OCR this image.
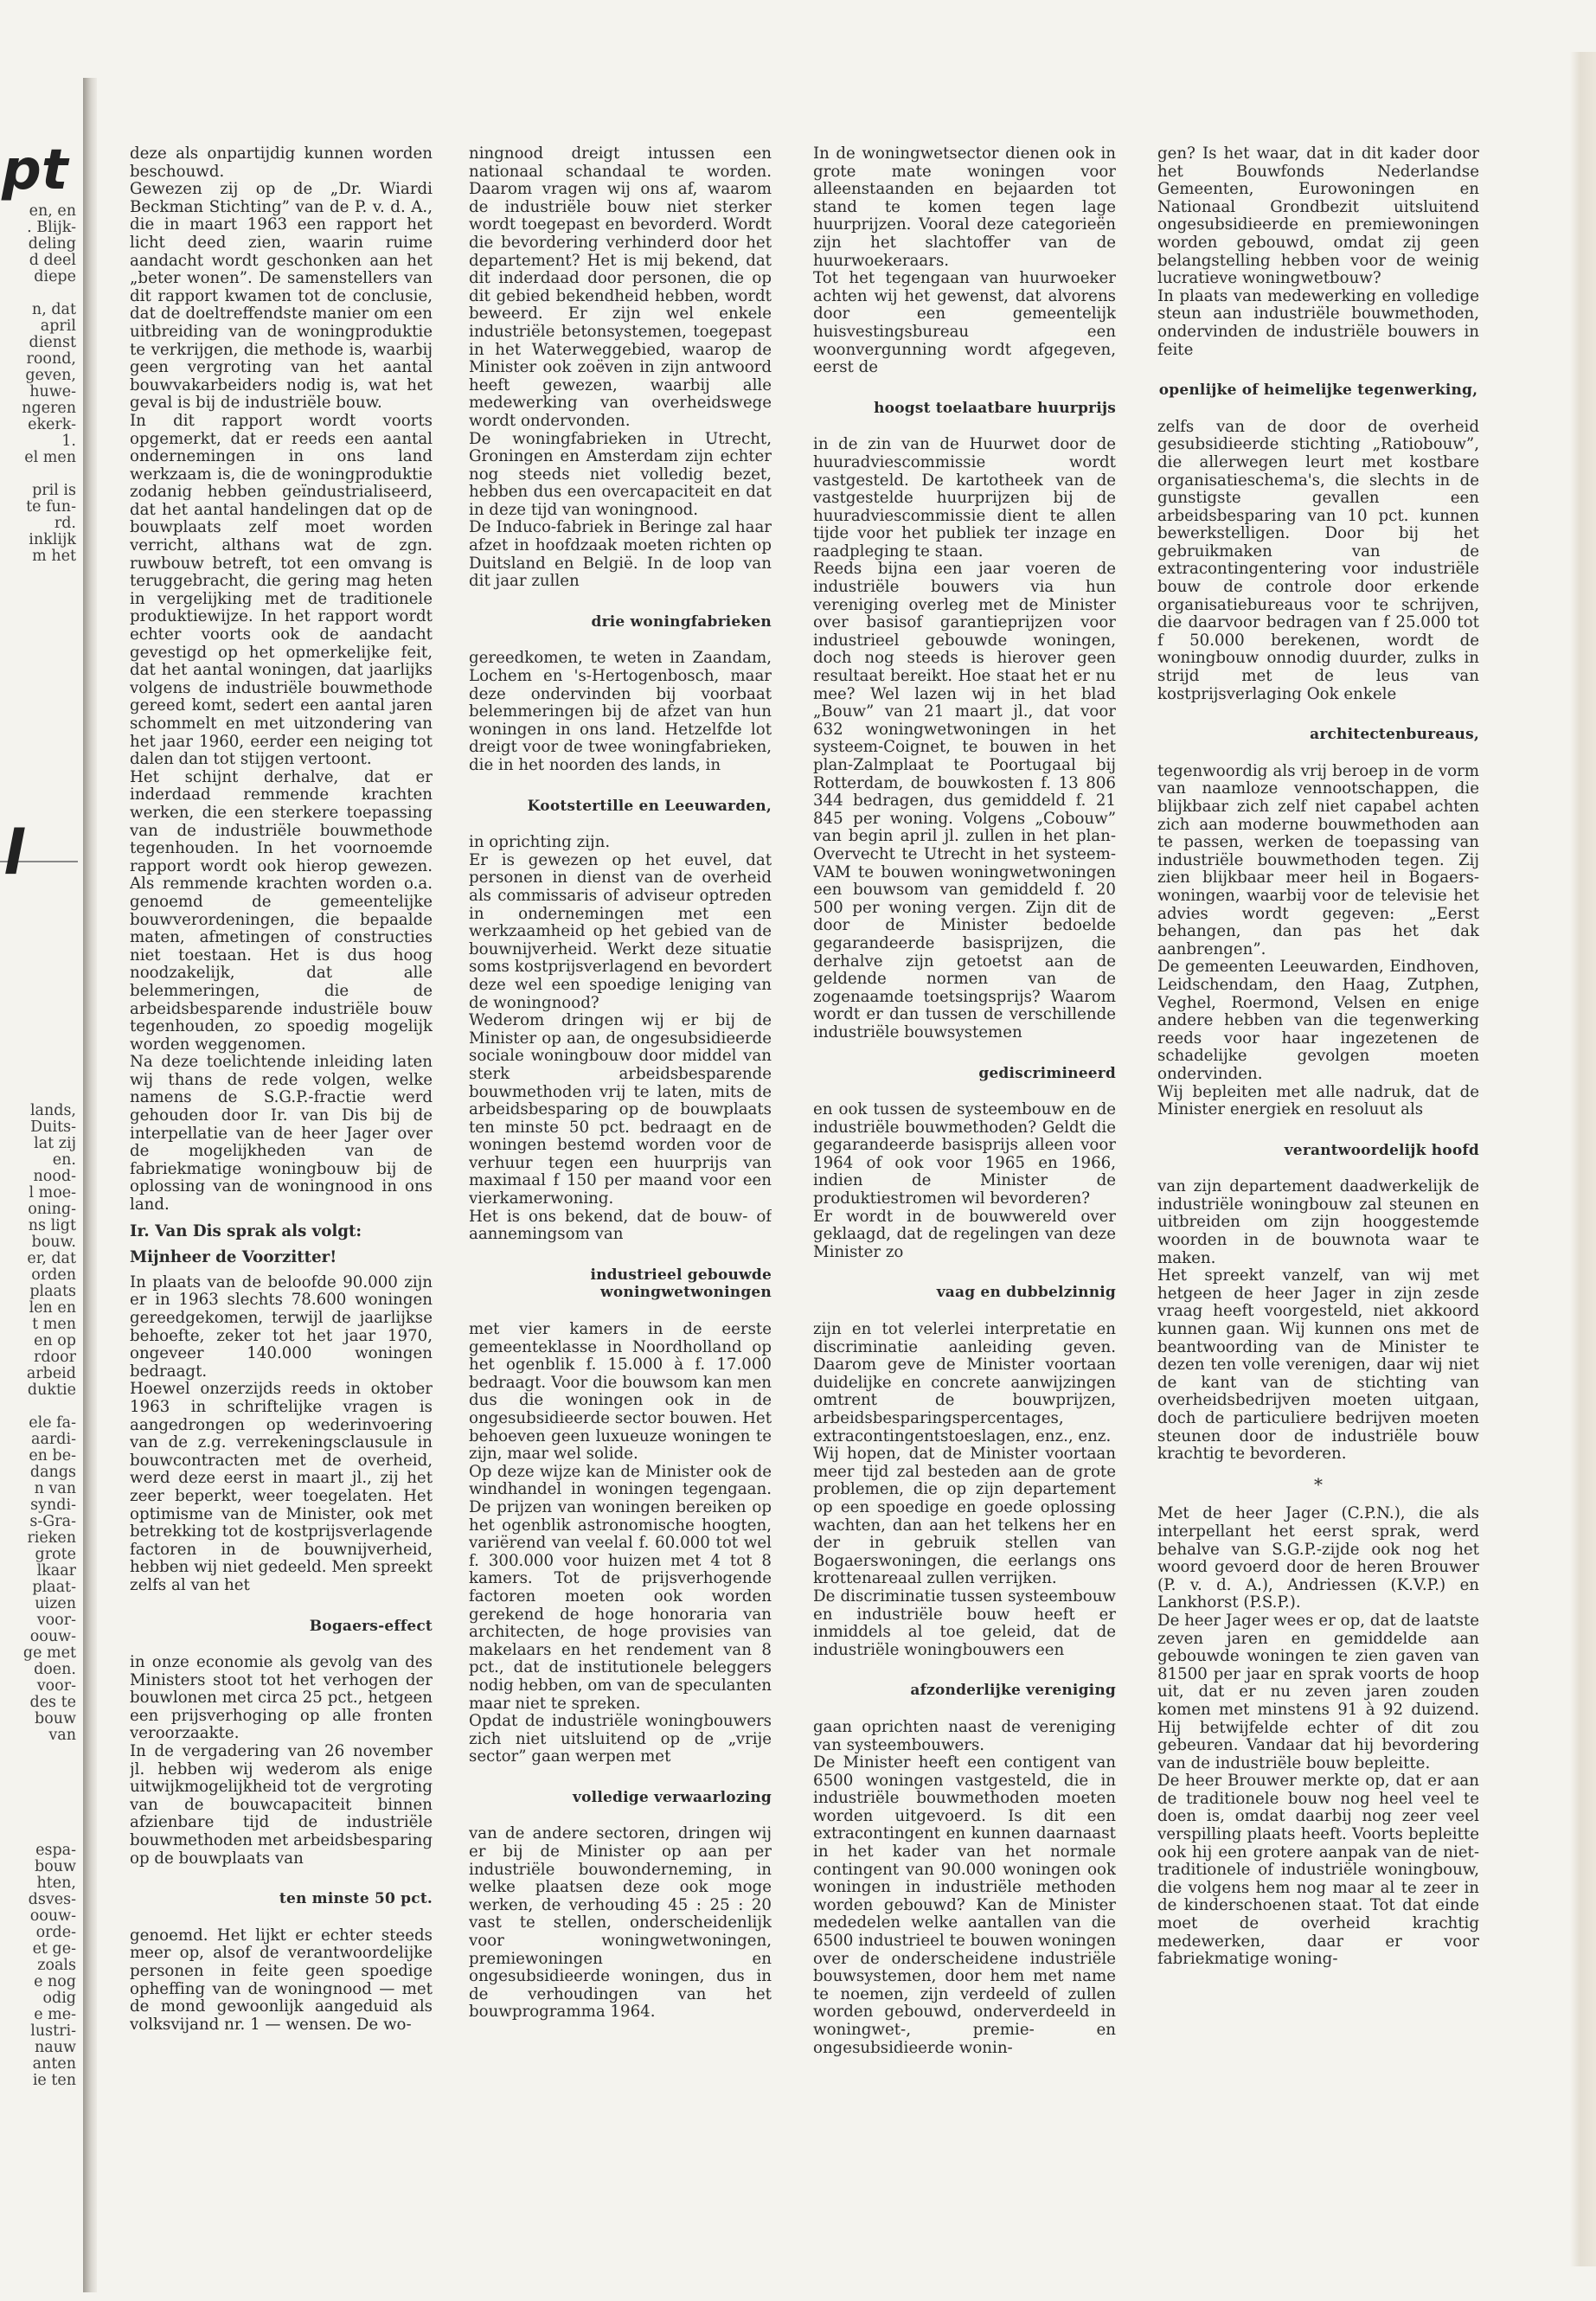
en, en
. Blijk-
deling
d deel
diepe

n, dat
april
dienst
roond,
geven,
huwe-
ngeren
ekerk-
1.
el men

pril is
te fun-
rd.
inklijk
m het
lands,
Duits-
lat zij
en.
nood-
l moe-
oning-
ns ligt
bouw.
er, dat
orden
plaats
len en
t men
en op
rdoor
arbeid
duktie

ele fa-
aardi-
en be-
dangs
n van
syndi-
s-Gra-
rieken
grote
lkaar
plaat-
uizen
voor-
oouw-
ge met
doen.
voor-
des te
bouw
van

espa-
bouw
hten,
dsves-
oouw-
orde-
et ge-
zoals
e nog
odig
e me-
lustri-
nauw
anten
ie ten
pt
l

deze als onpartijdig kunnen worden beschouwd.

Gewezen zij op de „Dr. Wiardi Beckman Stichting” van de P. v. d. A., die in maart 1963 een rapport het licht deed zien, waarin ruime aandacht wordt geschonken aan het „beter wonen”. De samenstellers van dit rapport kwamen tot de conclusie, dat de doeltreffendste manier om een uitbreiding van de woningproduktie te verkrijgen, die methode is, waarbij geen vergroting van het aantal bouwvakarbeiders nodig is, wat het geval is bij de industriële bouw.

In dit rapport wordt voorts opgemerkt, dat er reeds een aantal ondernemingen in ons land werkzaam is, die de woningproduktie zodanig hebben geïndustrialiseerd, dat het aantal handelingen dat op de bouwplaats zelf moet worden verricht, althans wat de zgn. ruwbouw betreft, tot een omvang is teruggebracht, die gering mag heten in vergelijking met de traditionele produktiewijze. In het rapport wordt echter voorts ook de aandacht gevestigd op het opmerkelijke feit, dat het aantal woningen, dat jaarlijks volgens de industriële bouwmethode gereed komt, sedert een aantal jaren schommelt en met uitzondering van het jaar 1960, eerder een neiging tot dalen dan tot stijgen vertoont.

Het schijnt derhalve, dat er inderdaad remmende krachten werken, die een sterkere toepassing van de industriële bouwmethode tegenhouden. In het voornoemde rapport wordt ook hierop gewezen. Als remmende krachten worden o.a. genoemd de gemeentelijke bouwverordeningen, die bepaalde maten, afmetingen of constructies niet toestaan. Het is dus hoog noodzakelijk, dat alle belemmeringen, die de arbeidsbesparende industriële bouw tegenhouden, zo spoedig mogelijk worden weggenomen.

Na deze toelichtende inleiding laten wij thans de rede volgen, welke namens de S.G.P.-fractie werd gehouden door Ir. van Dis bij de interpellatie van de heer Jager over de mogelijkheden van de fabriekmatige woningbouw bij de oplossing van de woningnood in ons land.

Ir. Van Dis sprak als volgt:

Mijnheer de Voorzitter!

In plaats van de beloofde 90.000 zijn er in 1963 slechts 78.600 woningen gereedgekomen, terwijl de jaarlijkse behoefte, zeker tot het jaar 1970, ongeveer 140.000 woningen bedraagt.

Hoewel onzerzijds reeds in oktober 1963 in schriftelijke vragen is aangedrongen op wederinvoering van de z.g. verrekeningsclausule in bouwcontracten met de overheid, werd deze eerst in maart jl., zij het zeer beperkt, weer toegelaten. Het optimisme van de Minister, ook met betrekking tot de kostprijsverlagende factoren in de bouwnijverheid, hebben wij niet gedeeld. Men spreekt zelfs al van het

Bogaers-effect

in onze economie als gevolg van des Ministers stoot tot het verhogen der bouwlonen met circa 25 pct., hetgeen een prijsverhoging op alle fronten veroorzaakte.

In de vergadering van 26 november jl. hebben wij wederom als enige uitwijkmogelijkheid tot de vergroting van de bouwcapaciteit binnen afzienbare tijd de industriële bouwmethoden met arbeidsbesparing op de bouwplaats van

ten minste 50 pct.

genoemd. Het lijkt er echter steeds meer op, alsof de verantwoordelijke personen in feite geen spoedige opheffing van de woningnood — met de mond gewoonlijk aangeduid als volksvijand nr. 1 — wensen. De wo-

ningnood dreigt intussen een nationaal schandaal te worden. Daarom vragen wij ons af, waarom de industriële bouw niet sterker wordt toegepast en bevorderd. Wordt die bevordering verhinderd door het departement? Het is mij bekend, dat dit inderdaad door personen, die op dit gebied bekendheid hebben, wordt beweerd. Er zijn wel enkele industriële betonsystemen, toegepast in het Waterweggebied, waarop de Minister ook zoëven in zijn antwoord heeft gewezen, waarbij alle medewerking van overheidswege wordt ondervonden.

De woningfabrieken in Utrecht, Groningen en Amsterdam zijn echter nog steeds niet volledig bezet, hebben dus een overcapaciteit en dat in deze tijd van woningnood.

De Induco-fabriek in Beringe zal haar afzet in hoofdzaak moeten richten op Duitsland en België. In de loop van dit jaar zullen

drie woningfabrieken

gereedkomen, te weten in Zaandam, Lochem en 's-Hertogenbosch, maar deze ondervinden bij voorbaat belemmeringen bij de afzet van hun woningen in ons land. Hetzelfde lot dreigt voor de twee woningfabrieken, die in het noorden des lands, in

Kootstertille en Leeuwarden,

in oprichting zijn.

Er is gewezen op het euvel, dat personen in dienst van de overheid als commissaris of adviseur optreden in ondernemingen met een werkzaamheid op het gebied van de bouwnijverheid. Werkt deze situatie soms kostprijsverlagend en bevordert deze wel een spoedige leniging van de woningnood?

Wederom dringen wij er bij de Minister op aan, de ongesubsidieerde sociale woningbouw door middel van sterk arbeidsbesparende bouwmethoden vrij te laten, mits de arbeidsbesparing op de bouwplaats ten minste 50 pct. bedraagt en de woningen bestemd worden voor de verhuur tegen een huurprijs van maximaal f 150 per maand voor een vierkamerwoning.

Het is ons bekend, dat de bouw- of aannemingsom van

industrieel gebouwde woningwetwoningen

met vier kamers in de eerste gemeenteklasse in Noordholland op het ogenblik f. 15.000 à f. 17.000 bedraagt. Voor die bouwsom kan men dus die woningen ook in de ongesubsidieerde sector bouwen. Het behoeven geen luxueuze woningen te zijn, maar wel solide.

Op deze wijze kan de Minister ook de windhandel in woningen tegengaan. De prijzen van woningen bereiken op het ogenblik astronomische hoogten, variërend van veelal f. 60.000 tot wel f. 300.000 voor huizen met 4 tot 8 kamers. Tot de prijsverhogende factoren moeten ook worden gerekend de hoge honoraria van architecten, de hoge provisies van makelaars en het rendement van 8 pct., dat de institutionele beleggers nodig hebben, om van de speculanten maar niet te spreken.

Opdat de industriële woningbouwers zich niet uitsluitend op de „vrije sector” gaan werpen met

volledige verwaarlozing

van de andere sectoren, dringen wij er bij de Minister op aan per industriële bouwonderneming, in welke plaatsen deze ook moge werken, de verhouding 45 : 25 : 20 vast te stellen, onderscheidenlijk voor woningwetwoningen, premiewoningen en ongesubsidieerde woningen, dus in de verhoudingen van het bouwprogramma 1964.

In de woningwetsector dienen ook in grote mate woningen voor alleenstaanden en bejaarden tot stand te komen tegen lage huurprijzen. Vooral deze categorieën zijn het slachtoffer van de huurwoekeraars.

Tot het tegengaan van huurwoeker achten wij het gewenst, dat alvorens door een gemeentelijk huisvestingsbureau een woonvergunning wordt afgegeven, eerst de

hoogst toelaatbare huurprijs

in de zin van de Huurwet door de huuradviescommissie wordt vastgesteld. De kartotheek van de vastgestelde huurprijzen bij de huuradviescommissie dient te allen tijde voor het publiek ter inzage en raadpleging te staan.

Reeds bijna een jaar voeren de industriële bouwers via hun vereniging overleg met de Minister over basisof garantieprijzen voor industrieel gebouwde woningen, doch nog steeds is hierover geen resultaat bereikt. Hoe staat het er nu mee? Wel lazen wij in het blad „Bouw” van 21 maart jl., dat voor 632 woningwetwoningen in het systeem-Coignet, te bouwen in het plan-Zalmplaat te Poortugaal bij Rotterdam, de bouwkosten f. 13 806 344 bedragen, dus gemiddeld f. 21 845 per woning. Volgens „Cobouw” van begin april jl. zullen in het plan-Overvecht te Utrecht in het systeem-VAM te bouwen woningwetwoningen een bouwsom van gemiddeld f. 20 500 per woning vergen. Zijn dit de door de Minister bedoelde gegarandeerde basisprijzen, die derhalve zijn getoetst aan de geldende normen van de zogenaamde toetsingsprijs? Waarom wordt er dan tussen de verschillende industriële bouwsystemen

gediscrimineerd

en ook tussen de systeembouw en de industriële bouwmethoden? Geldt die gegarandeerde basisprijs alleen voor 1964 of ook voor 1965 en 1966, indien de Minister de produktiestromen wil bevorderen?

Er wordt in de bouwwereld over geklaagd, dat de regelingen van deze Minister zo

vaag en dubbelzinnig

zijn en tot velerlei interpretatie en discriminatie aanleiding geven. Daarom geve de Minister voortaan duidelijke en concrete aanwijzingen omtrent de bouwprijzen, arbeidsbesparingspercentages, extracontingentstoeslagen, enz., enz.

Wij hopen, dat de Minister voortaan meer tijd zal besteden aan de grote problemen, die op zijn departement op een spoedige en goede oplossing wachten, dan aan het telkens her en der in gebruik stellen van Bogaerswoningen, die eerlangs ons krottenareaal zullen verrijken.

De discriminatie tussen systeembouw en industriële bouw heeft er inmiddels al toe geleid, dat de industriële woningbouwers een

afzonderlijke vereniging

gaan oprichten naast de vereniging van systeembouwers.

De Minister heeft een contigent van 6500 woningen vastgesteld, die in industriële bouwmethoden moeten worden uitgevoerd. Is dit een extracontingent en kunnen daarnaast in het kader van het normale contingent van 90.000 woningen ook woningen in industriële methoden worden gebouwd? Kan de Minister mededelen welke aantallen van die 6500 industrieel te bouwen woningen over de onderscheidene industriële bouwsystemen, door hem met name te noemen, zijn verdeeld of zullen worden gebouwd, onderverdeeld in woningwet-, premie- en ongesubsidieerde wonin-

gen? Is het waar, dat in dit kader door het Bouwfonds Nederlandse Gemeenten, Eurowoningen en Nationaal Grondbezit uitsluitend ongesubsidieerde en premiewoningen worden gebouwd, omdat zij geen belangstelling hebben voor de weinig lucratieve woningwetbouw?

In plaats van medewerking en volledige steun aan industriële bouwmethoden, ondervinden de industriële bouwers in feite

openlijke of heimelijke tegenwerking,

zelfs van de door de overheid gesubsidieerde stichting „Ratiobouw”, die allerwegen leurt met kostbare organisatieschema's, die slechts in de gunstigste gevallen een arbeidsbesparing van 10 pct. kunnen bewerkstelligen. Door bij het gebruikmaken van de extracontingentering voor industriële bouw de controle door erkende organisatiebureaus voor te schrijven, die daarvoor bedragen van f 25.000 tot f 50.000 berekenen, wordt de woningbouw onnodig duurder, zulks in strijd met de leus van kostprijsverlaging Ook enkele

architectenbureaus,

tegenwoordig als vrij beroep in de vorm van naamloze vennootschappen, die blijkbaar zich zelf niet capabel achten zich aan moderne bouwmethoden aan te passen, werken de toepassing van industriële bouwmethoden tegen. Zij zien blijkbaar meer heil in Bogaers-woningen, waarbij voor de televisie het advies wordt gegeven: „Eerst behangen, dan pas het dak aanbrengen”.

De gemeenten Leeuwarden, Eindhoven, Leidschendam, den Haag, Zutphen, Veghel, Roermond, Velsen en enige andere hebben van die tegenwerking reeds voor haar ingezetenen de schadelijke gevolgen moeten ondervinden.

Wij bepleiten met alle nadruk, dat de Minister energiek en resoluut als

verantwoordelijk hoofd

van zijn departement daadwerkelijk de industriële woningbouw zal steunen en uitbreiden om zijn hooggestemde woorden in de bouwnota waar te maken.

Het spreekt vanzelf, van wij met hetgeen de heer Jager in zijn zesde vraag heeft voorgesteld, niet akkoord kunnen gaan. Wij kunnen ons met de beantwoording van de Minister te dezen ten volle verenigen, daar wij niet de kant van de stichting van overheidsbedrijven moeten uitgaan, doch de particuliere bedrijven moeten steunen door de industriële bouw krachtig te bevorderen.

*

Met de heer Jager (C.P.N.), die als interpellant het eerst sprak, werd behalve van S.G.P.-zijde ook nog het woord gevoerd door de heren Brouwer (P. v. d. A.), Andriessen (K.V.P.) en Lankhorst (P.S.P.).

De heer Jager wees er op, dat de laatste zeven jaren en gemiddelde aan gebouwde woningen te zien gaven van 81500 per jaar en sprak voorts de hoop uit, dat er nu zeven jaren zouden komen met minstens 91 à 92 duizend. Hij betwijfelde echter of dit zou gebeuren. Vandaar dat hij bevordering van de industriële bouw bepleitte.

De heer Brouwer merkte op, dat er aan de traditionele bouw nog heel veel te doen is, omdat daarbij nog zeer veel verspilling plaats heeft. Voorts bepleitte ook hij een grotere aanpak van de niet-traditionele of industriële woningbouw, die volgens hem nog maar al te zeer in de kinderschoenen staat. Tot dat einde moet de overheid krachtig medewerken, daar er voor fabriekmatige woning-
